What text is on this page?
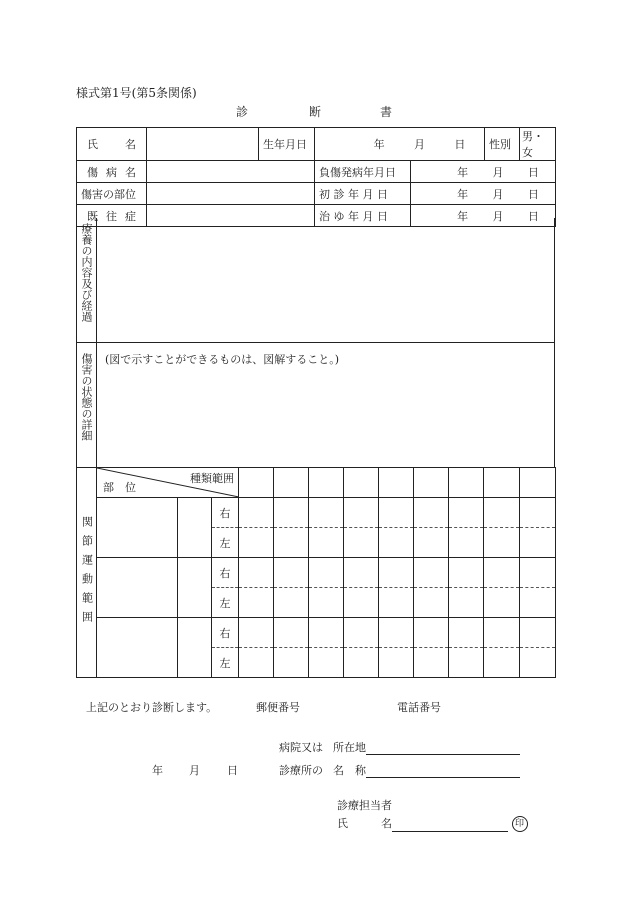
様式第1号(第5条関係)
診	断	書
氏 名		生年月日	年 月 日		性別	男・女

傷 病 名			負傷発病年月日	年 月 日		

傷害の部位			初 診 年 月 日	年 月 日		

既 往 症			治 ゆ 年 月 日	年 月 日		
療養の内容及び経過
傷害の状態の詳細	(図で示すことができるものは、図解すること。)
関節運動範囲	種類範囲
部　位											

			右									
			左									
			右									
			左									
			右									
			左									
上記のとおり診断します。	郵便番号	電話番号
病院又は 所在地
年 月 日	診療所の 名　称
診療担当者
氏　　　名	印
